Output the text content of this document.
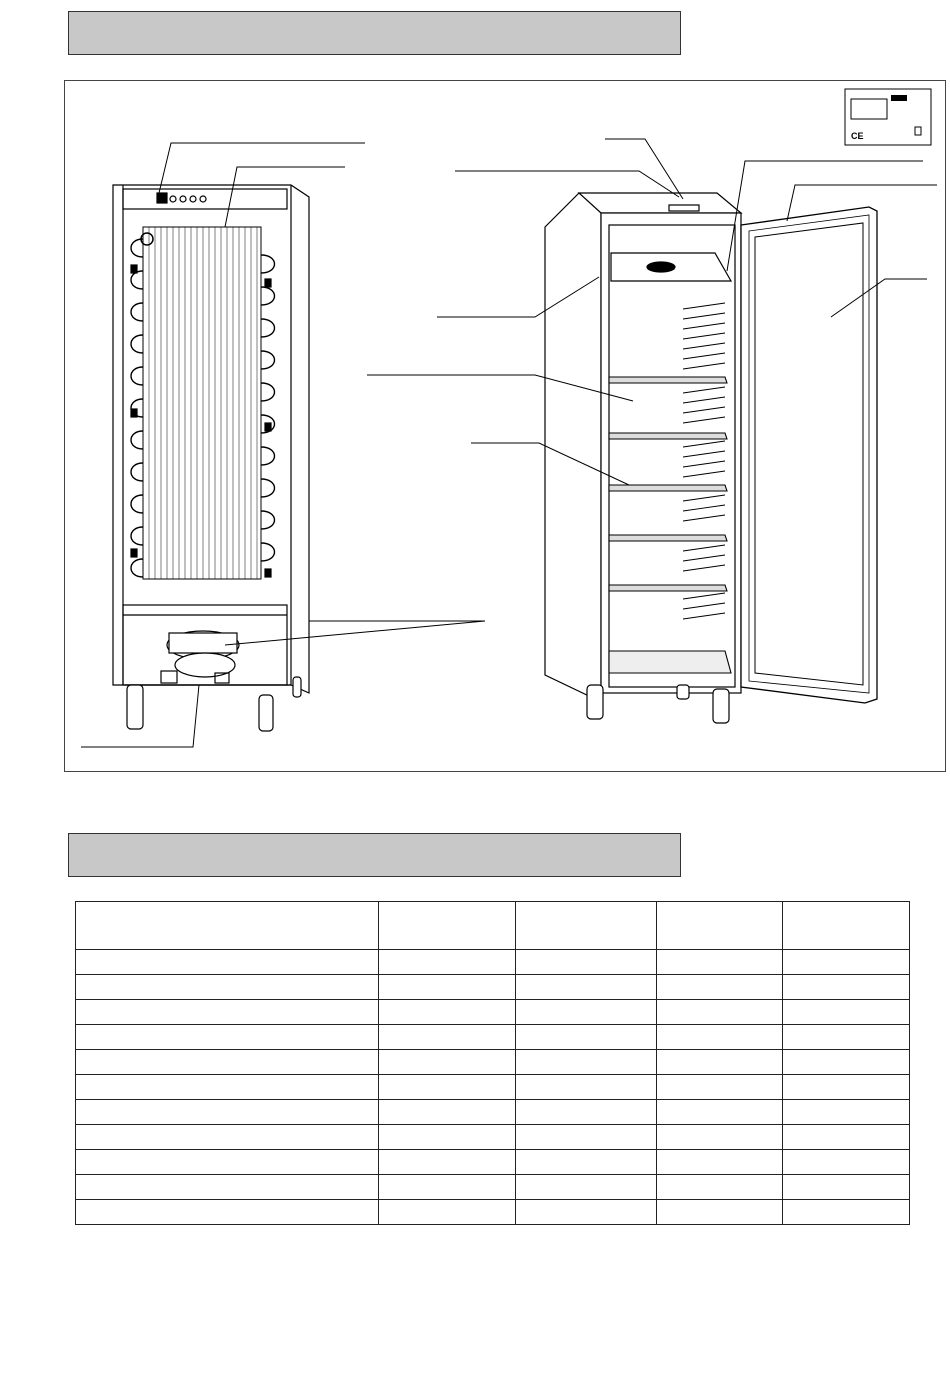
CE
